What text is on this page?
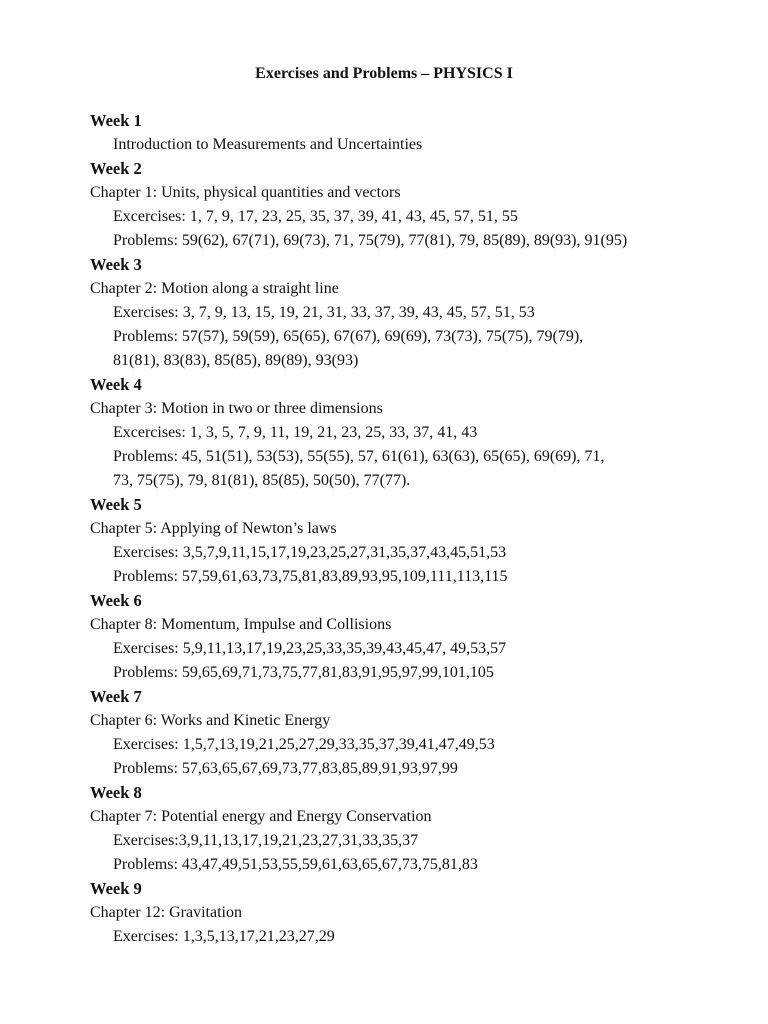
Exercises and Problems – PHYSICS I
Week 1
Introduction to Measurements and Uncertainties
Week 2
Chapter 1: Units, physical quantities and vectors
Excercises: 1, 7, 9, 17, 23, 25, 35, 37, 39, 41, 43, 45, 57, 51, 55
Problems: 59(62), 67(71), 69(73), 71, 75(79), 77(81), 79, 85(89), 89(93), 91(95)
Week 3
Chapter 2: Motion along a straight line
Exercises: 3, 7, 9, 13, 15, 19, 21, 31, 33, 37, 39, 43, 45, 57, 51, 53
Problems: 57(57), 59(59), 65(65), 67(67), 69(69), 73(73), 75(75), 79(79),
81(81), 83(83), 85(85), 89(89), 93(93)
Week 4
Chapter 3: Motion in two or three dimensions
Excercises: 1, 3, 5, 7, 9, 11, 19, 21, 23, 25, 33, 37, 41, 43
Problems: 45, 51(51), 53(53), 55(55), 57, 61(61), 63(63), 65(65), 69(69), 71,
73, 75(75), 79, 81(81), 85(85), 50(50), 77(77).
Week 5
Chapter 5: Applying of Newton’s laws
Exercises: 3,5,7,9,11,15,17,19,23,25,27,31,35,37,43,45,51,53
Problems: 57,59,61,63,73,75,81,83,89,93,95,109,111,113,115
Week 6
Chapter 8: Momentum, Impulse and Collisions
Exercises: 5,9,11,13,17,19,23,25,33,35,39,43,45,47, 49,53,57
Problems: 59,65,69,71,73,75,77,81,83,91,95,97,99,101,105
Week 7
Chapter 6: Works and Kinetic Energy
Exercises: 1,5,7,13,19,21,25,27,29,33,35,37,39,41,47,49,53
Problems: 57,63,65,67,69,73,77,83,85,89,91,93,97,99
Week 8
Chapter 7: Potential energy and Energy Conservation
Exercises:3,9,11,13,17,19,21,23,27,31,33,35,37
Problems: 43,47,49,51,53,55,59,61,63,65,67,73,75,81,83
Week 9
Chapter 12: Gravitation
Exercises: 1,3,5,13,17,21,23,27,29
